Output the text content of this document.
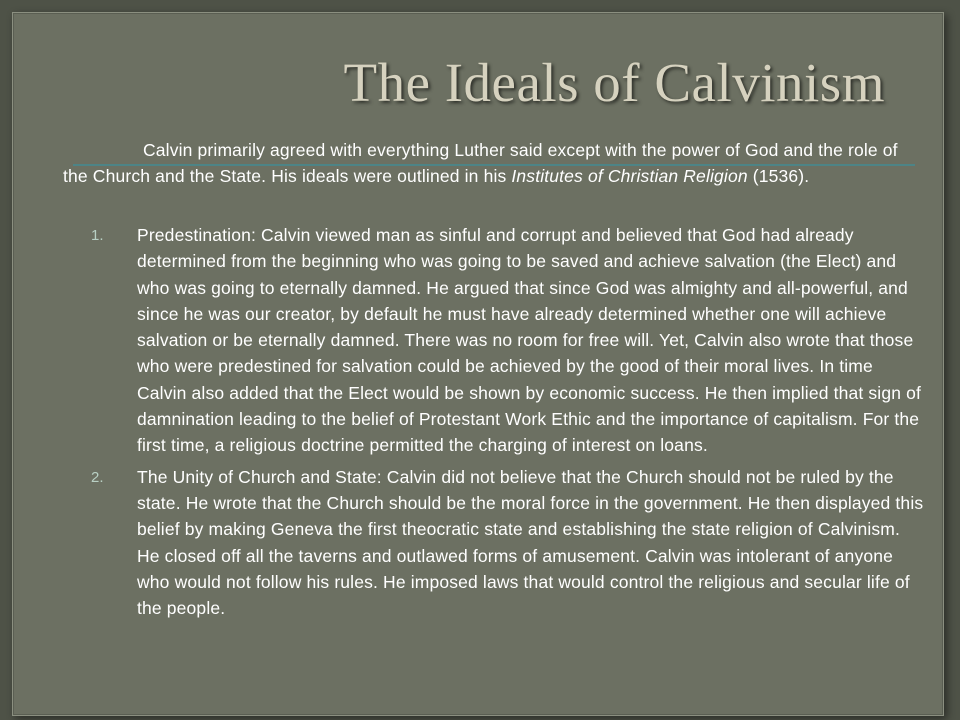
The Ideals of Calvinism

Calvin primarily agreed with everything Luther said except with the power of God and the role of the Church and the State. His ideals were outlined in his Institutes of Christian Religion (1536).

1. Predestination: Calvin viewed man as sinful and corrupt and believed that God had already determined from the beginning who was going to be saved and achieve salvation (the Elect) and who was going to eternally damned. He argued that since God was almighty and all-powerful, and since he was our creator, by default he must have already determined whether one will achieve salvation or be eternally damned. There was no room for free will. Yet, Calvin also wrote that those who were predestined for salvation could be achieved by the good of their moral lives. In time Calvin also added that the Elect would be shown by economic success. He then implied that sign of damnination leading to the belief of Protestant Work Ethic and the importance of capitalism. For the first time, a religious doctrine permitted the charging of interest on loans.

2. The Unity of Church and State: Calvin did not believe that the Church should not be ruled by the state. He wrote that the Church should be the moral force in the government. He then displayed this belief by making Geneva the first theocratic state and establishing the state religion of Calvinism. He closed off all the taverns and outlawed forms of amusement. Calvin was intolerant of anyone who would not follow his rules. He imposed laws that would control the religious and secular life of the people.
